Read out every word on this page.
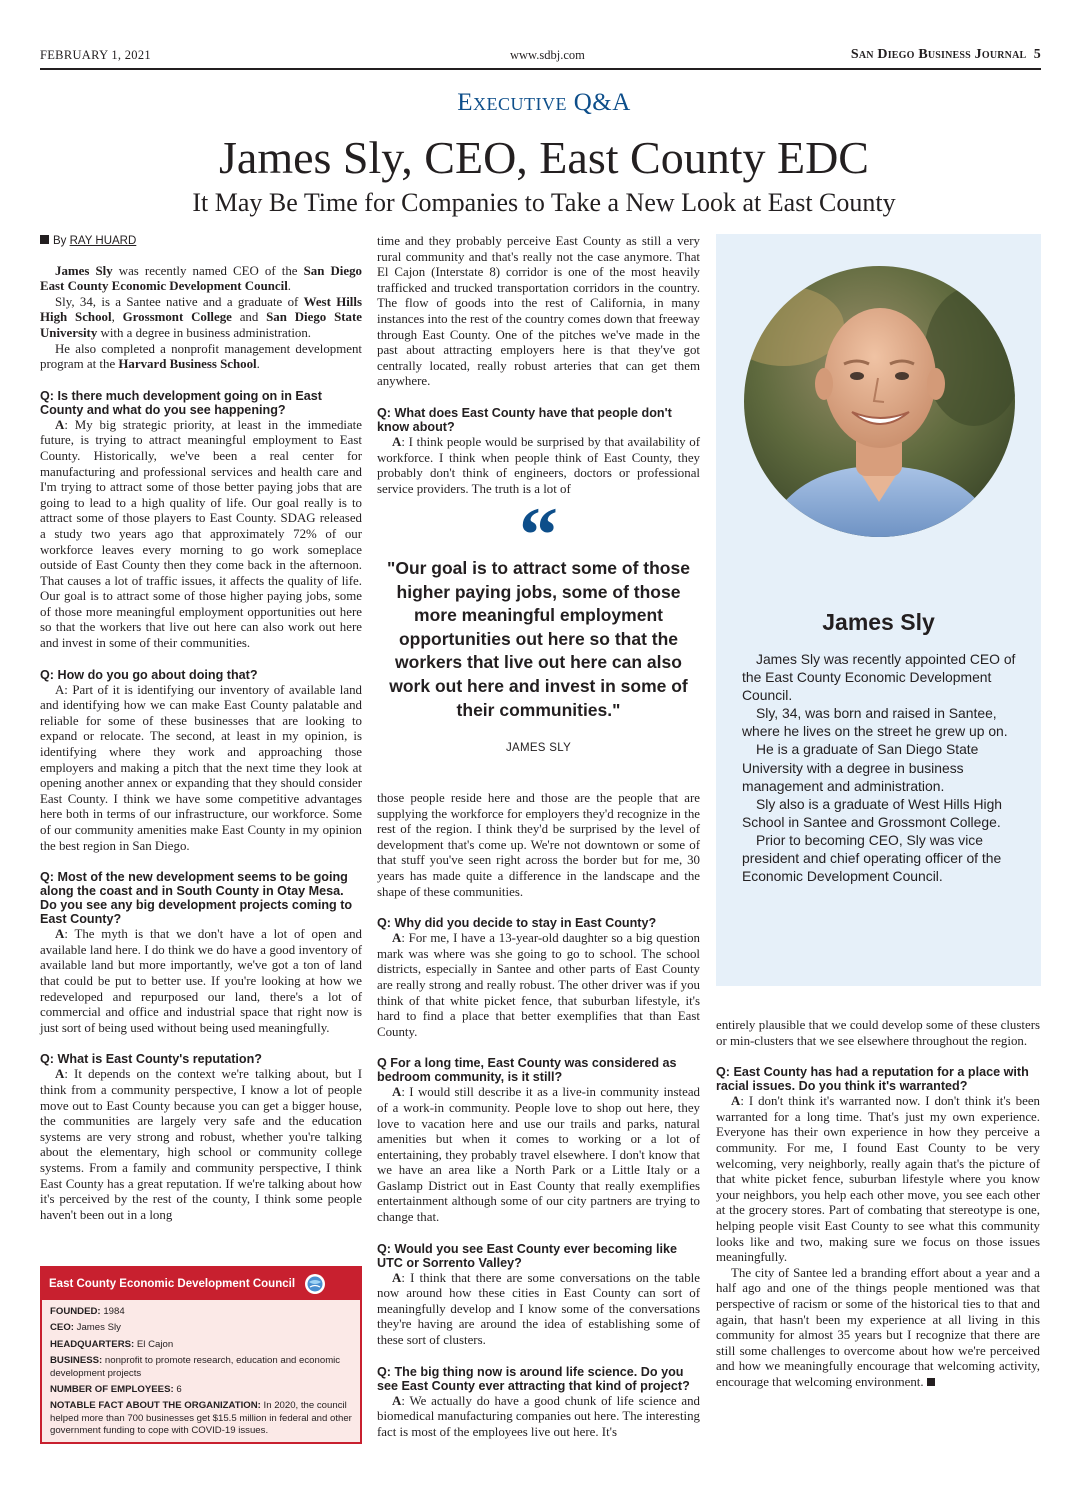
FEBRUARY 1, 2021	www.sdbj.com	San Diego Business Journal 5
Executive Q&A
James Sly, CEO, East County EDC
It May Be Time for Companies to Take a New Look at East County
By RAY HUARD

James Sly was recently named CEO of the San Diego East County Economic Development Council.

Sly, 34, is a Santee native and a graduate of West Hills High School, Grossmont College and San Diego State University with a degree in business administration.

He also completed a nonprofit management development program at the Harvard Business School.

Q: Is there much development going on in East County and what do you see happening?

A: My big strategic priority, at least in the immediate future, is trying to attract meaningful employment to East County. Historically, we've been a real center for manufacturing and professional services and health care and I'm trying to attract some of those better paying jobs that are going to lead to a high quality of life. Our goal really is to attract some of those players to East County. SDAG released a study two years ago that approximately 72% of our workforce leaves every morning to go work someplace outside of East County then they come back in the afternoon. That causes a lot of traffic issues, it affects the quality of life. Our goal is to attract some of those higher paying jobs, some of those more meaningful employment opportunities out here so that the workers that live out here can also work out here and invest in some of their communities.

Q: How do you go about doing that?

A: Part of it is identifying our inventory of available land and identifying how we can make East County palatable and reliable for some of these businesses that are looking to expand or relocate. The second, at least in my opinion, is identifying where they work and approaching those employers and making a pitch that the next time they look at opening another annex or expanding that they should consider East County. I think we have some competitive advantages here both in terms of our infrastructure, our workforce. Some of our community amenities make East County in my opinion the best region in San Diego.

Q: Most of the new development seems to be going along the coast and in South County in Otay Mesa. Do you see any big development projects coming to East County?

A: The myth is that we don't have a lot of open and available land here. I do think we do have a good inventory of available land but more importantly, we've got a ton of land that could be put to better use. If you're looking at how we redeveloped and repurposed our land, there's a lot of commercial and office and industrial space that right now is just sort of being used without being used meaningfully.

Q: What is East County's reputation?

A: It depends on the context we're talking about, but I think from a community perspective, I know a lot of people move out to East County because you can get a bigger house, the communities are largely very safe and the education systems are very strong and robust, whether you're talking about the elementary, high school or community college systems. From a family and community perspective, I think East County has a great reputation. If we're talking about how it's perceived by the rest of the county, I think some people haven't been out in a long

time and they probably perceive East County as still a very rural community and that's really not the case anymore. That El Cajon (Interstate 8) corridor is one of the most heavily trafficked and trucked transportation corridors in the country. The flow of goods into the rest of California, in many instances into the rest of the country comes down that freeway through East County. One of the pitches we've made in the past about attracting employers here is that they've got centrally located, really robust arteries that can get them anywhere.

Q: What does East County have that people don't know about?

A: I think people would be surprised by that availability of workforce. I think when people think of East County, they probably don't think of engineers, doctors or professional service providers. The truth is a lot of

“
"Our goal is to attract some of those higher paying jobs, some of those more meaningful employment opportunities out here so that the workers that live out here can also work out here and invest in some of their communities."
JAMES SLY

those people reside here and those are the people that are supplying the workforce for employers they'd recognize in the rest of the region. I think they'd be surprised by the level of development that's come up. We're not downtown or some of that stuff you've seen right across the border but for me, 30 years has made quite a difference in the landscape and the shape of these communities.

Q: Why did you decide to stay in East County?

A: For me, I have a 13-year-old daughter so a big question mark was where was she going to go to school. The school districts, especially in Santee and other parts of East County are really strong and really robust. The other driver was if you think of that white picket fence, that suburban lifestyle, it's hard to find a place that better exemplifies that than East County.

Q For a long time, East County was considered as bedroom community, is it still?

A: I would still describe it as a live-in community instead of a work-in community. People love to shop out here, they love to vacation here and use our trails and parks, natural amenities but when it comes to working or a lot of entertaining, they probably travel elsewhere. I don't know that we have an area like a North Park or a Little Italy or a Gaslamp District out in East County that really exemplifies entertainment although some of our city partners are trying to change that.

Q: Would you see East County ever becoming like UTC or Sorrento Valley?

A: I think that there are some conversations on the table now around how these cities in East County can sort of meaningfully develop and I know some of the conversations they're having are around the idea of establishing some of these sort of clusters.

Q: The big thing now is around life science. Do you see East County ever attracting that kind of project?

A: We actually do have a good chunk of life science and biomedical manufacturing companies out here. The interesting fact is most of the employees live out here. It's

James Sly

James Sly was recently appointed CEO of the East County Economic Development Council.

Sly, 34, was born and raised in Santee, where he lives on the street he grew up on.

He is a graduate of San Diego State University with a degree in business management and administration.

Sly also is a graduate of West Hills High School in Santee and Grossmont College.

Prior to becoming CEO, Sly was vice president and chief operating officer of the Economic Development Council.

entirely plausible that we could develop some of these clusters or min-clusters that we see elsewhere throughout the region.

Q: East County has had a reputation for a place with racial issues. Do you think it's warranted?

A: I don't think it's warranted now. I don't think it's been warranted for a long time. That's just my own experience. Everyone has their own experience in how they perceive a community. For me, I found East County to be very welcoming, very neighborly, really again that's the picture of that white picket fence, suburban lifestyle where you know your neighbors, you help each other move, you see each other at the grocery stores. Part of combating that stereotype is one, helping people visit East County to see what this community looks like and two, making sure we focus on those issues meaningfully.

The city of Santee led a branding effort about a year and a half ago and one of the things people mentioned was that perspective of racism or some of the historical ties to that and again, that hasn't been my experience at all living in this community for almost 35 years but I recognize that there are still some challenges to overcome about how we're perceived and how we meaningfully encourage that welcoming activity, encourage that welcoming environment.

East County Economic Development Council
FOUNDED: 1984
CEO: James Sly
HEADQUARTERS: El Cajon
BUSINESS: nonprofit to promote research, education and economic development projects
NUMBER OF EMPLOYEES: 6
NOTABLE FACT ABOUT THE ORGANIZATION: In 2020, the council helped more than 700 businesses get $15.5 million in federal and other government funding to cope with COVID-19 issues.
